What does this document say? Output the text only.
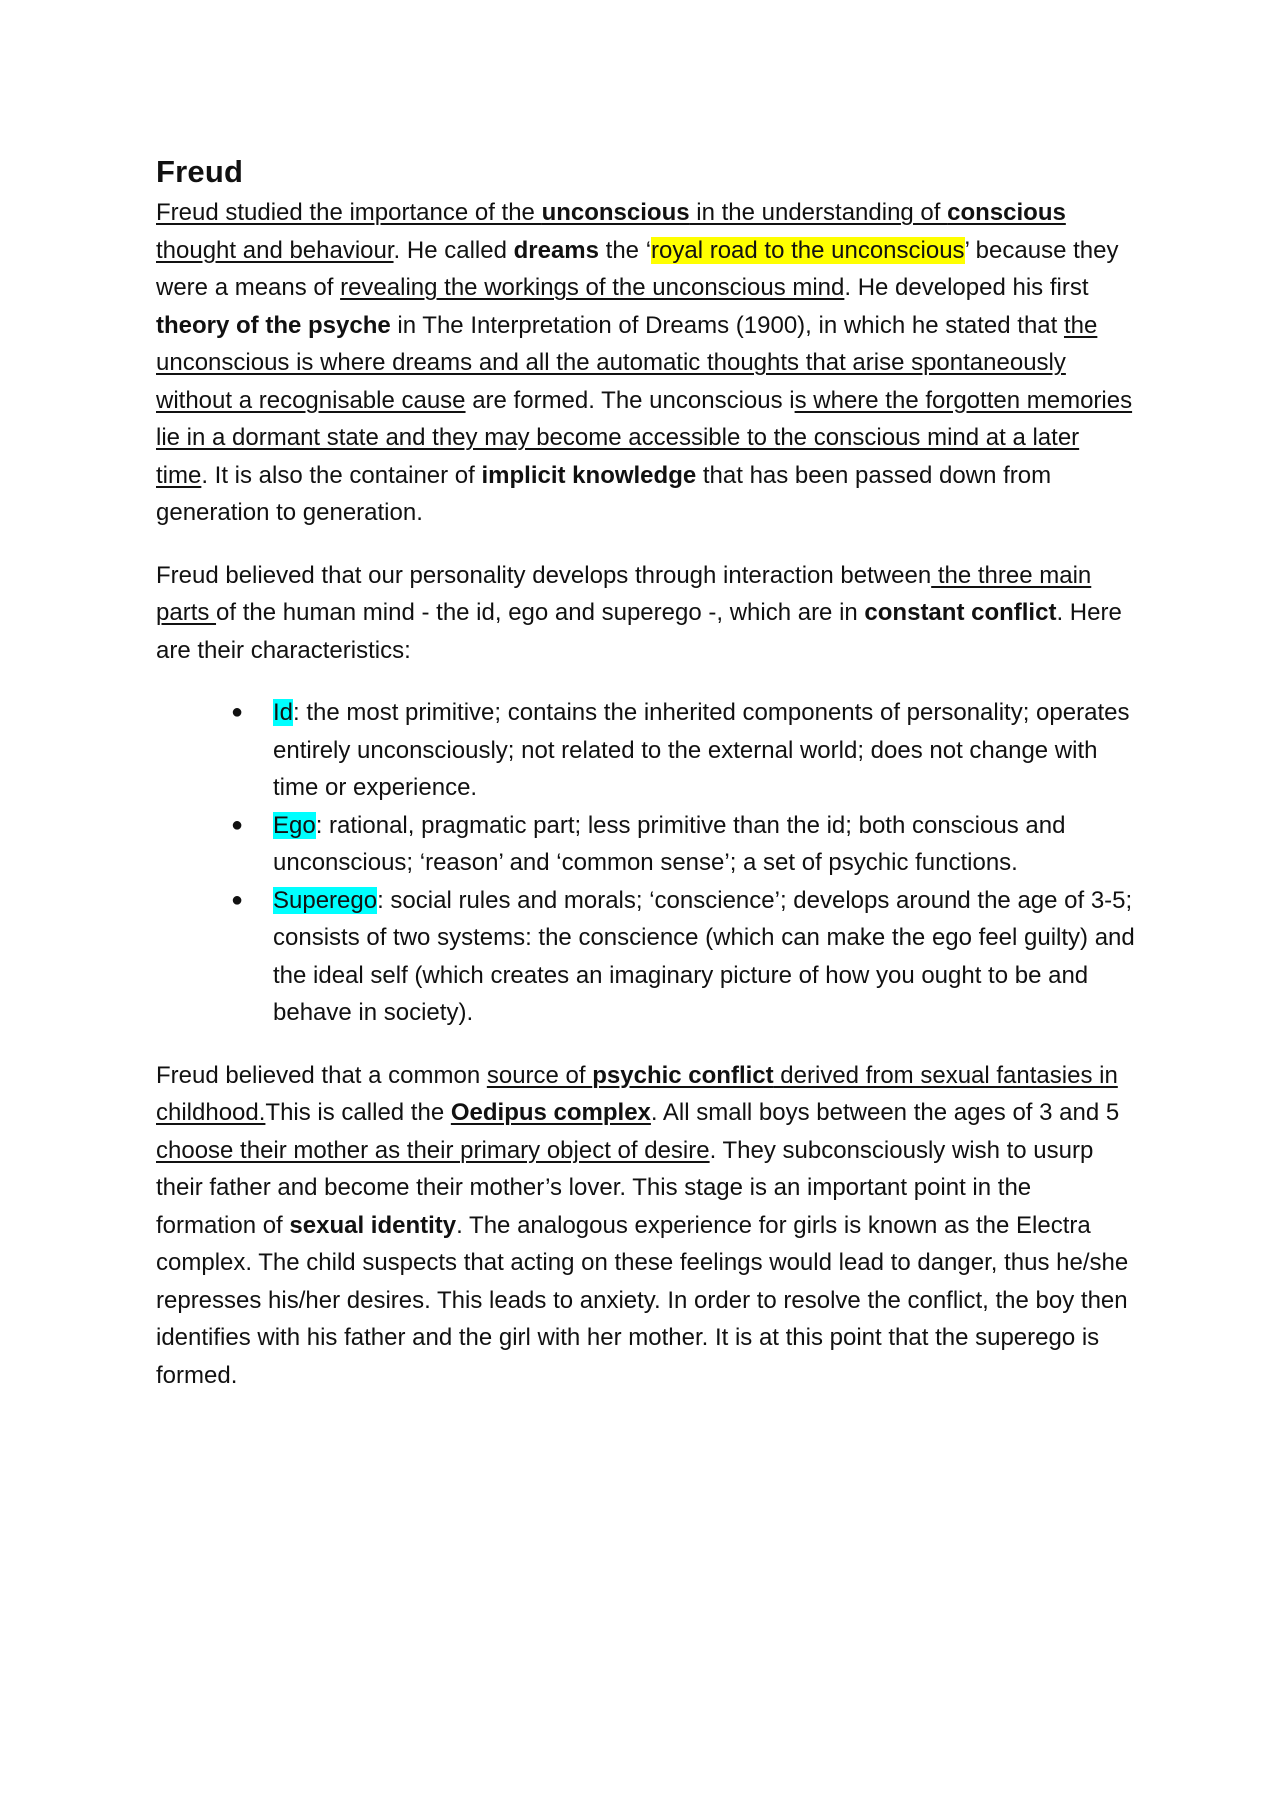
Freud

Freud studied the importance of the unconscious in the understanding of conscious thought and behaviour. He called dreams the ‘royal road to the unconscious’ because they were a means of revealing the workings of the unconscious mind. He developed his first theory of the psyche in The Interpretation of Dreams (1900), in which he stated that the unconscious is where dreams and all the automatic thoughts that arise spontaneously without a recognisable cause are formed. The unconscious is where the forgotten memories lie in a dormant state and they may become accessible to the conscious mind at a later time. It is also the container of implicit knowledge that has been passed down from generation to generation.

Freud believed that our personality develops through interaction between the three main parts of the human mind - the id, ego and superego -, which are in constant conflict. Here are their characteristics:

● Id: the most primitive; contains the inherited components of personality; operates entirely unconsciously; not related to the external world; does not change with time or experience.
● Ego: rational, pragmatic part; less primitive than the id; both conscious and unconscious; ‘reason’ and ‘common sense’; a set of psychic functions.
● Superego: social rules and morals; ‘conscience’; develops around the age of 3-5; consists of two systems: the conscience (which can make the ego feel guilty) and the ideal self (which creates an imaginary picture of how you ought to be and behave in society).

Freud believed that a common source of psychic conflict derived from sexual fantasies in childhood.This is called the Oedipus complex. All small boys between the ages of 3 and 5 choose their mother as their primary object of desire. They subconsciously wish to usurp their father and become their mother’s lover. This stage is an important point in the formation of sexual identity. The analogous experience for girls is known as the Electra complex. The child suspects that acting on these feelings would lead to danger, thus he/she represses his/her desires. This leads to anxiety. In order to resolve the conflict, the boy then identifies with his father and the girl with her mother. It is at this point that the superego is formed.
